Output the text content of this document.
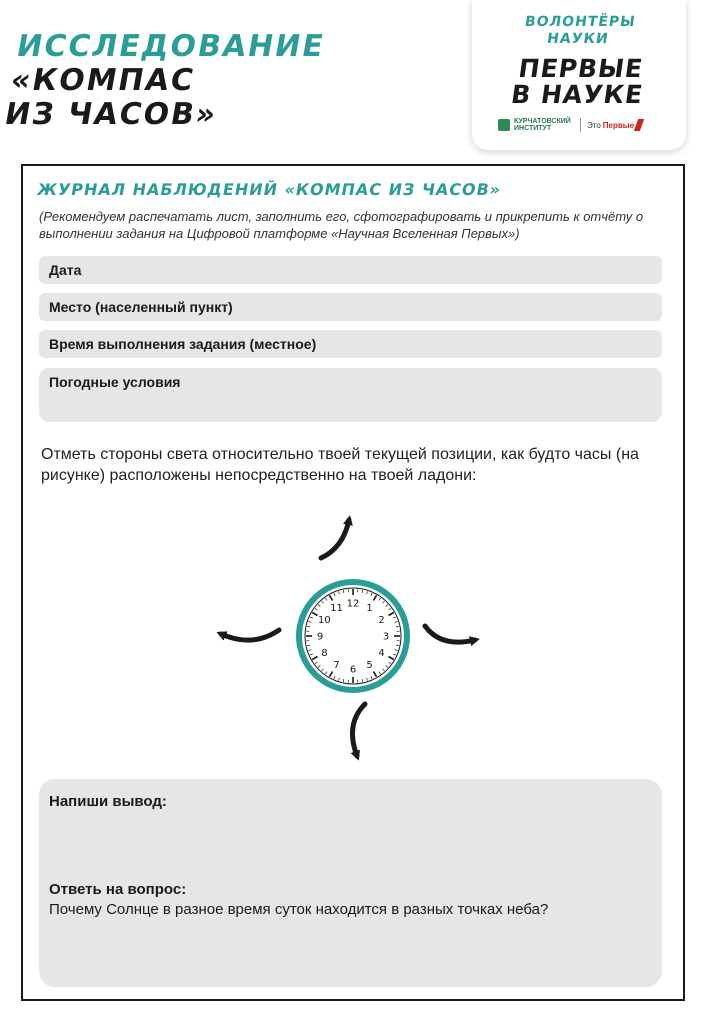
ИССЛЕДОВАНИЕ
«КОМПАС
ИЗ ЧАСОВ»
ВОЛОНТЁРЫ
НАУКИ
ПЕРВЫЕ
В НАУКЕ
КУРЧАТОВСКИЙ
ИНСТИТУТ	Это Первые
ЖУРНАЛ НАБЛЮДЕНИЙ «КОМПАС ИЗ ЧАСОВ»
(Рекомендуем распечатать лист, заполнить его, сфотографировать и прикрепить к отчёту о выполнении задания на Цифровой платформе «Научная Вселенная Первых»)
Дата
Место (населенный пункт)
Время выполнения задания (местное)
Погодные условия
Отметь стороны света относительно твоей текущей позиции, как будто часы (на рисунке) расположены непосредственно на твоей ладони:
12 1
2
3
4
5
6
7
8
9
10
11
Напиши вывод:
Ответь на вопрос:
Почему Солнце в разное время суток находится в разных точках неба?
